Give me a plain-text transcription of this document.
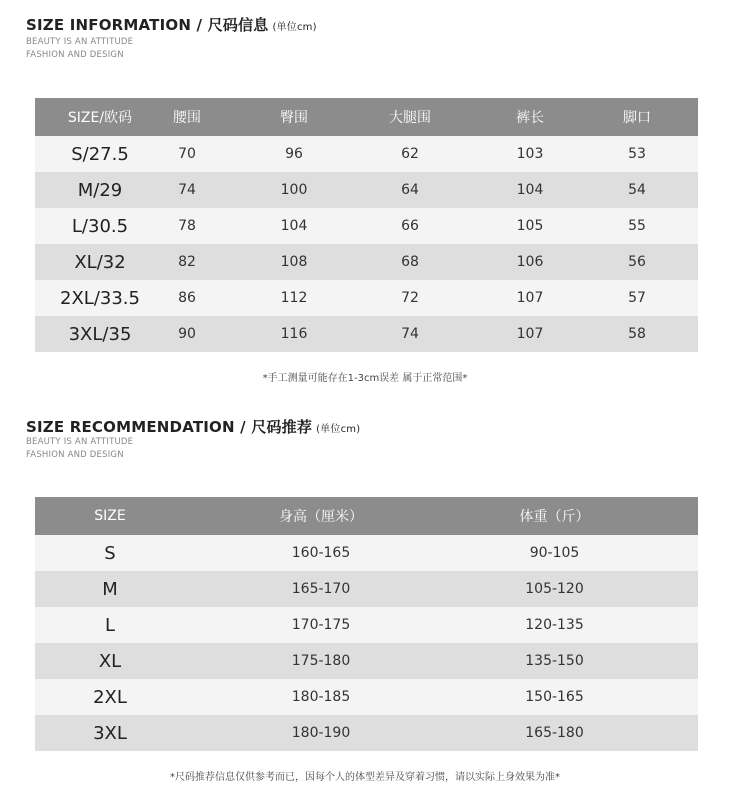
SIZE INFORMATION / 尺码信息 (单位cm)
BEAUTY IS AN ATTITUDE
FASHION AND DESIGN
SIZE/欧码	腰围	臀围	大腿围	裤长	脚口
S/27.5	70	96	62	103	53
M/29	74	100	64	104	54
L/30.5	78	104	66	105	55
XL/32	82	108	68	106	56
2XL/33.5	86	112	72	107	57
3XL/35	90	116	74	107	58
*手工测量可能存在1-3cm误差 属于正常范围*
SIZE RECOMMENDATION / 尺码推荐 (单位cm)
BEAUTY IS AN ATTITUDE
FASHION AND DESIGN
SIZE	身高（厘米）	体重（斤）
S	160-165	90-105
M	165-170	105-120
L	170-175	120-135
XL	175-180	135-150
2XL	180-185	150-165
3XL	180-190	165-180
*尺码推荐信息仅供参考而已，因每个人的体型差异及穿着习惯，请以实际上身效果为准*
